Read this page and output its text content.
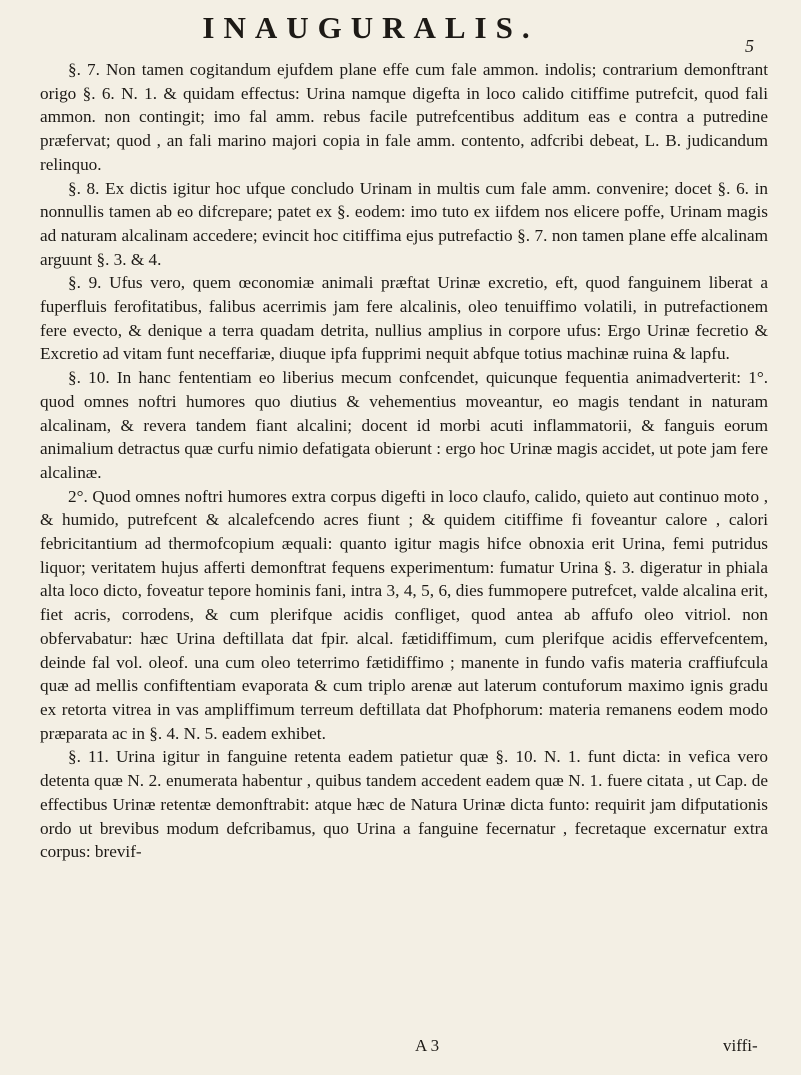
INAUGURALIS.
5

§. 7. Non tamen cogitandum ejufdem plane effe cum fale ammon. indolis; contrarium demonftrant origo §. 6. N. 1. & quidam effectus: Urina namque digefta in loco calido citiffime putrefcit, quod fali ammon. non contingit; imo fal amm. rebus facile putrefcentibus additum eas e contra a putredine præfervat; quod , an fali marino majori copia in fale amm. contento, adfcribi debeat, L. B. judicandum relinquo.

§. 8. Ex dictis igitur hoc ufque concludo Urinam in multis cum fale amm. convenire; docet §. 6. in nonnullis tamen ab eo difcrepare; patet ex §. eodem: imo tuto ex iifdem nos elicere poffe, Urinam magis ad naturam alcalinam accedere; evincit hoc citiffima ejus putrefactio §. 7. non tamen plane effe alcalinam arguunt §. 3. & 4.

§. 9. Ufus vero, quem œconomiæ animali præftat Urinæ excretio, eft, quod fanguinem liberat a fuperfluis ferofitatibus, falibus acerrimis jam fere alcalinis, oleo tenuiffimo volatili, in putrefactionem fere evecto, & denique a terra quadam detrita, nullius amplius in corpore ufus: Ergo Urinæ fecretio & Excretio ad vitam funt neceffariæ, diuque ipfa fupprimi nequit abfque totius machinæ ruina & lapfu.

§. 10. In hanc fententiam eo liberius mecum confcendet, quicunque fequentia animadverterit: 1°. quod omnes noftri humores quo diutius & vehementius moveantur, eo magis tendant in naturam alcalinam, & revera tandem fiant alcalini; docent id morbi acuti inflammatorii, & fanguis eorum animalium detractus quæ curfu nimio defatigata obierunt : ergo hoc Urinæ magis accidet, ut pote jam fere alcalinæ.

2°. Quod omnes noftri humores extra corpus digefti in loco claufo, calido, quieto aut continuo moto , & humido, putrefcent & alcalefcendo acres fiunt ; & quidem citiffime fi foveantur calore , calori febricitantium ad thermofcopium æquali: quanto igitur magis hifce obnoxia erit Urina, femi putridus liquor; veritatem hujus afferti demonftrat fequens experimentum: fumatur Urina §. 3. digeratur in phiala alta loco dicto, foveatur tepore hominis fani, intra 3, 4, 5, 6, dies fummopere putrefcet, valde alcalina erit, fiet acris, corrodens, & cum plerifque acidis confliget, quod antea ab affufo oleo vitriol. non obfervabatur: hæc Urina deftillata dat fpir. alcal. fætidiffimum, cum plerifque acidis effervefcentem, deinde fal vol. oleof. una cum oleo teterrimo fætidiffimo ; manente in fundo vafis materia craffiufcula quæ ad mellis confiftentiam evaporata & cum triplo arenæ aut laterum contuforum maximo ignis gradu ex retorta vitrea in vas ampliffimum terreum deftillata dat Phofphorum: materia remanens eodem modo præparata ac in §. 4. N. 5. eadem exhibet.

§. 11. Urina igitur in fanguine retenta eadem patietur quæ §. 10. N. 1. funt dicta: in vefica vero detenta quæ N. 2. enumerata habentur , quibus tandem accedent eadem quæ N. 1. fuere citata , ut Cap. de effectibus Urinæ retentæ demonftrabit: atque hæc de Natura Urinæ dicta funto: requirit jam difputationis ordo ut brevibus modum defcribamus, quo Urina a fanguine fecernatur , fecretaque excernatur extra corpus: brevif-

A 3	viffi-
